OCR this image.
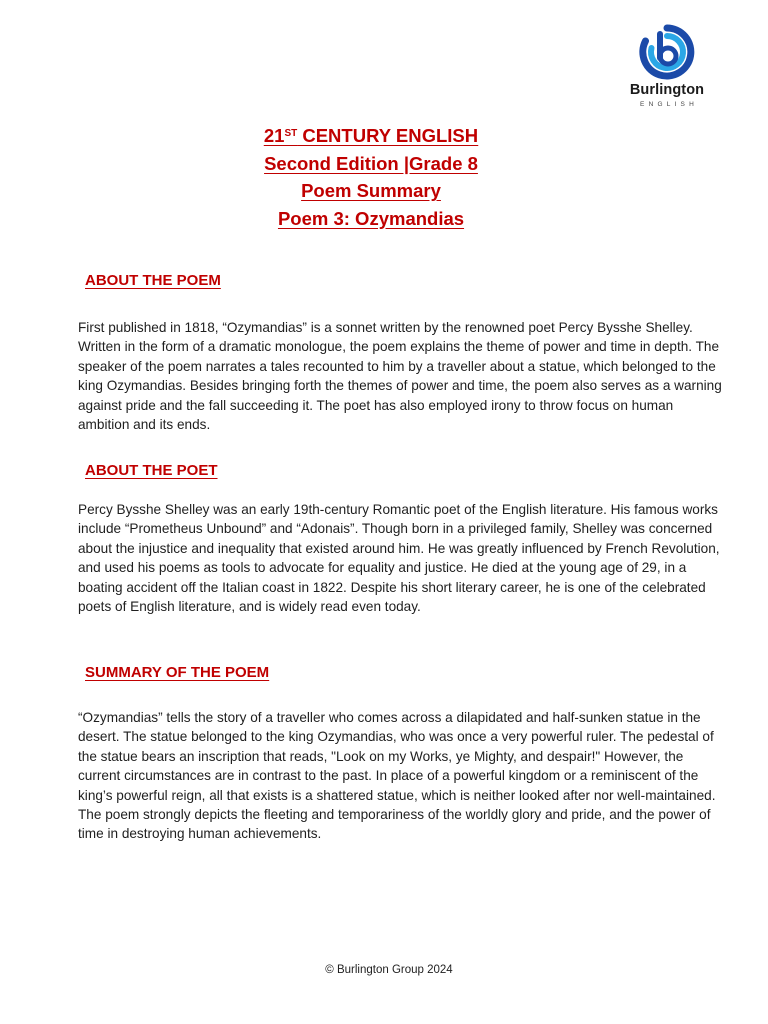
Burlington
ENGLISH
21ST CENTURY ENGLISH
Second Edition |Grade 8
Poem Summary
Poem 3: Ozymandias
ABOUT THE POEM

First published in 1818, “Ozymandias” is a sonnet written by the renowned poet Percy Bysshe Shelley. Written in the form of a dramatic monologue, the poem explains the theme of power and time in depth. The speaker of the poem narrates a tales recounted to him by a traveller about a statue, which belonged to the king Ozymandias. Besides bringing forth the themes of power and time, the poem also serves as a warning against pride and the fall succeeding it. The poet has also employed irony to throw focus on human ambition and its ends.

ABOUT THE POET

Percy Bysshe Shelley was an early 19th-century Romantic poet of the English literature. His famous works include “Prometheus Unbound” and “Adonais”. Though born in a privileged family, Shelley was concerned about the injustice and inequality that existed around him. He was greatly influenced by French Revolution, and used his poems as tools to advocate for equality and justice. He died at the young age of 29, in a boating accident off the Italian coast in 1822. Despite his short literary career, he is one of the celebrated poets of English literature, and is widely read even today.

SUMMARY OF THE POEM

“Ozymandias” tells the story of a traveller who comes across a dilapidated and half-sunken statue in the desert. The statue belonged to the king Ozymandias, who was once a very powerful ruler. The pedestal of the statue bears an inscription that reads, "Look on my Works, ye Mighty, and despair!" However, the current circumstances are in contrast to the past. In place of a powerful kingdom or a reminiscent of the king’s powerful reign, all that exists is a shattered statue, which is neither looked after nor well-maintained. The poem strongly depicts the fleeting and temporariness of the worldly glory and pride, and the power of time in destroying human achievements.

© Burlington Group 2024
